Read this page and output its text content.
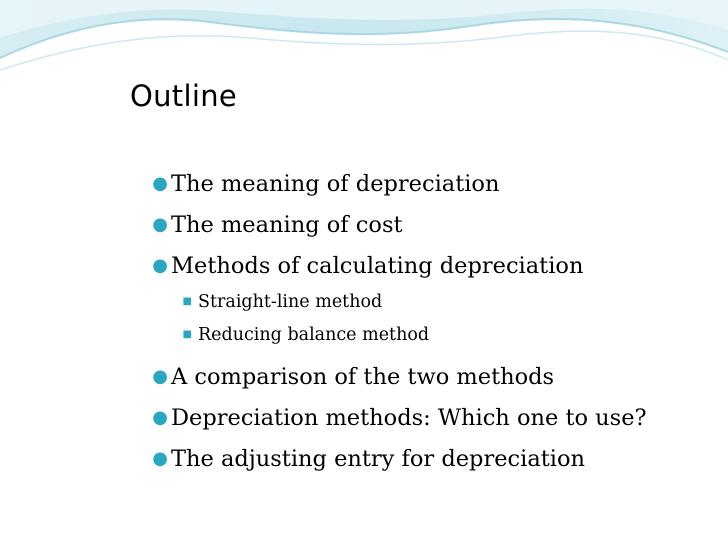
Outline
● The meaning of depreciation
● The meaning of cost
● Methods of calculating depreciation
■ Straight-line method
■ Reducing balance method
● A comparison of the two methods
● Depreciation methods: Which one to use?
● The adjusting entry for depreciation
